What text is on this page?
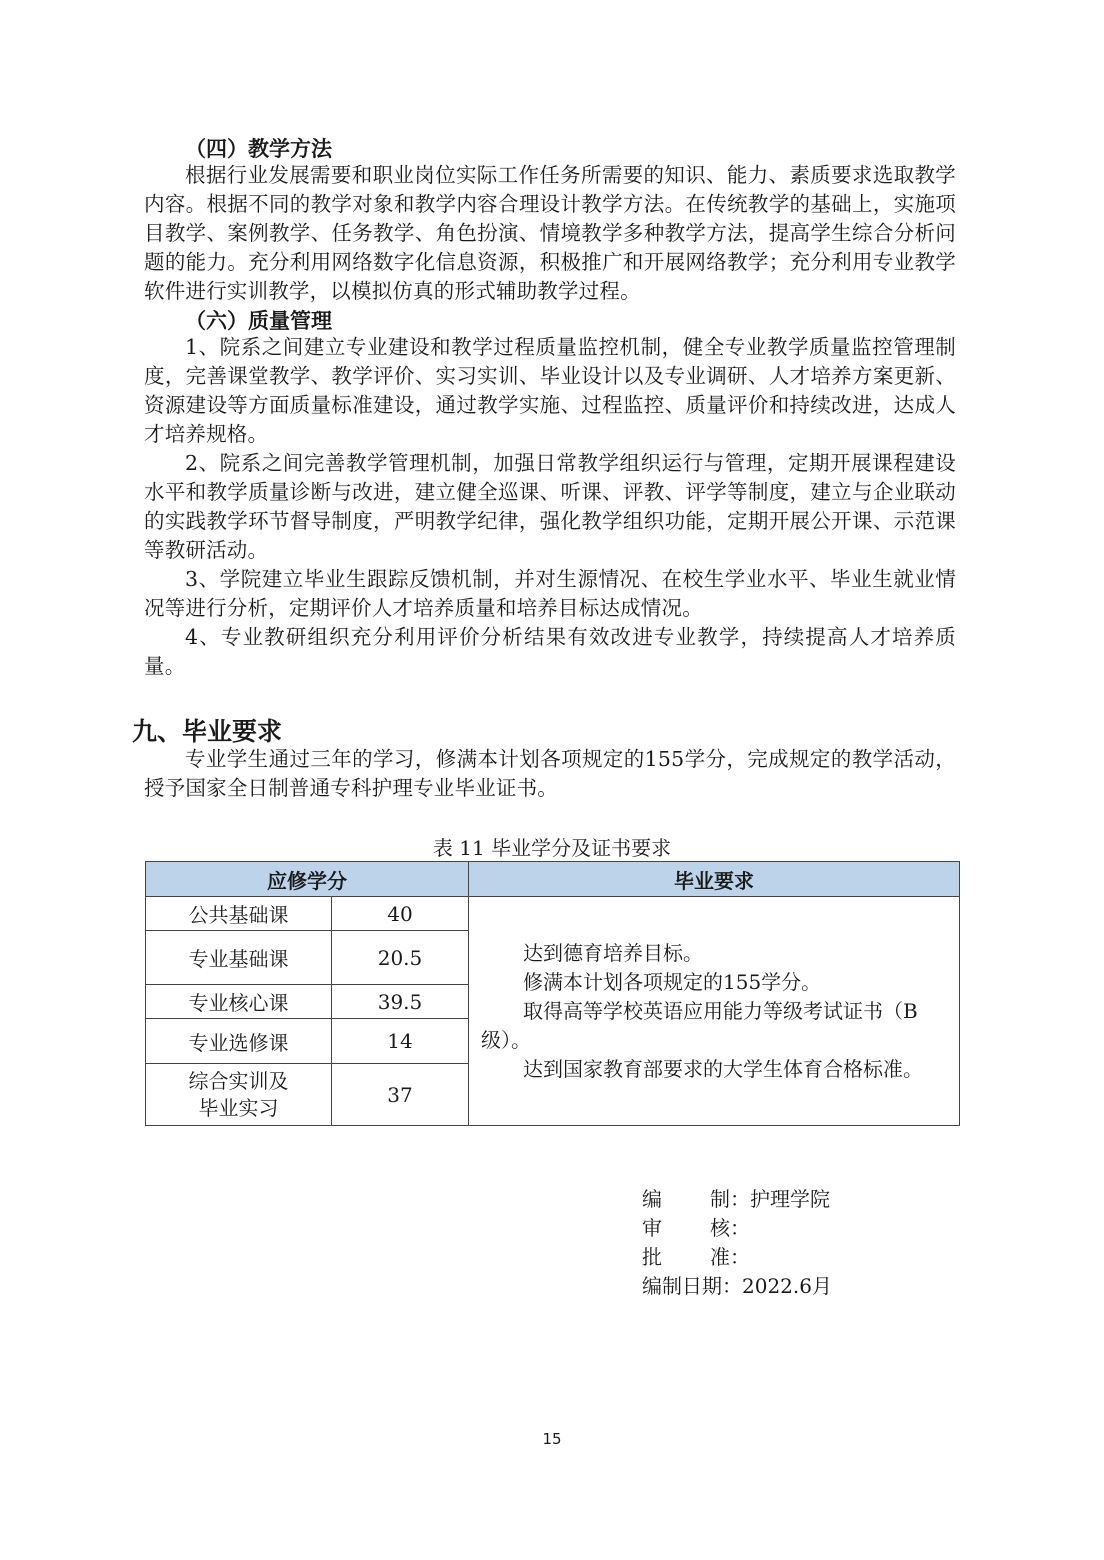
（四）教学方法
根据行业发展需要和职业岗位实际工作任务所需要的知识、能力、素质要求选取教学内容。根据不同的教学对象和教学内容合理设计教学方法。在传统教学的基础上，实施项目教学、案例教学、任务教学、角色扮演、情境教学多种教学方法，提高学生综合分析问题的能力。充分利用网络数字化信息资源，积极推广和开展网络教学；充分利用专业教学软件进行实训教学，以模拟仿真的形式辅助教学过程。
（六）质量管理
1、院系之间建立专业建设和教学过程质量监控机制，健全专业教学质量监控管理制度，完善课堂教学、教学评价、实习实训、毕业设计以及专业调研、人才培养方案更新、资源建设等方面质量标准建设，通过教学实施、过程监控、质量评价和持续改进，达成人才培养规格。
2、院系之间完善教学管理机制，加强日常教学组织运行与管理，定期开展课程建设水平和教学质量诊断与改进，建立健全巡课、听课、评教、评学等制度，建立与企业联动的实践教学环节督导制度，严明教学纪律，强化教学组织功能，定期开展公开课、示范课等教研活动。
3、学院建立毕业生跟踪反馈机制，并对生源情况、在校生学业水平、毕业生就业情况等进行分析，定期评价人才培养质量和培养目标达成情况。
4、专业教研组织充分利用评价分析结果有效改进专业教学，持续提高人才培养质量。
九、毕业要求
专业学生通过三年的学习，修满本计划各项规定的155学分，完成规定的教学活动，授予国家全日制普通专科护理专业毕业证书。
表 11 毕业学分及证书要求
应修学分		毕业要求
公共基础课	40	达到德育培养目标。
修满本计划各项规定的155学分。
取得高等学校英语应用能力等级考试证书（B级）。
达到国家教育部要求的大学生体育合格标准。

专业基础课	20.5	
专业核心课	39.5	
专业选修课	14	

综合实训及
毕业实习	37	
编 制： 护理学院
审 核：
批 准：
编制日期： 2022.6月
15
